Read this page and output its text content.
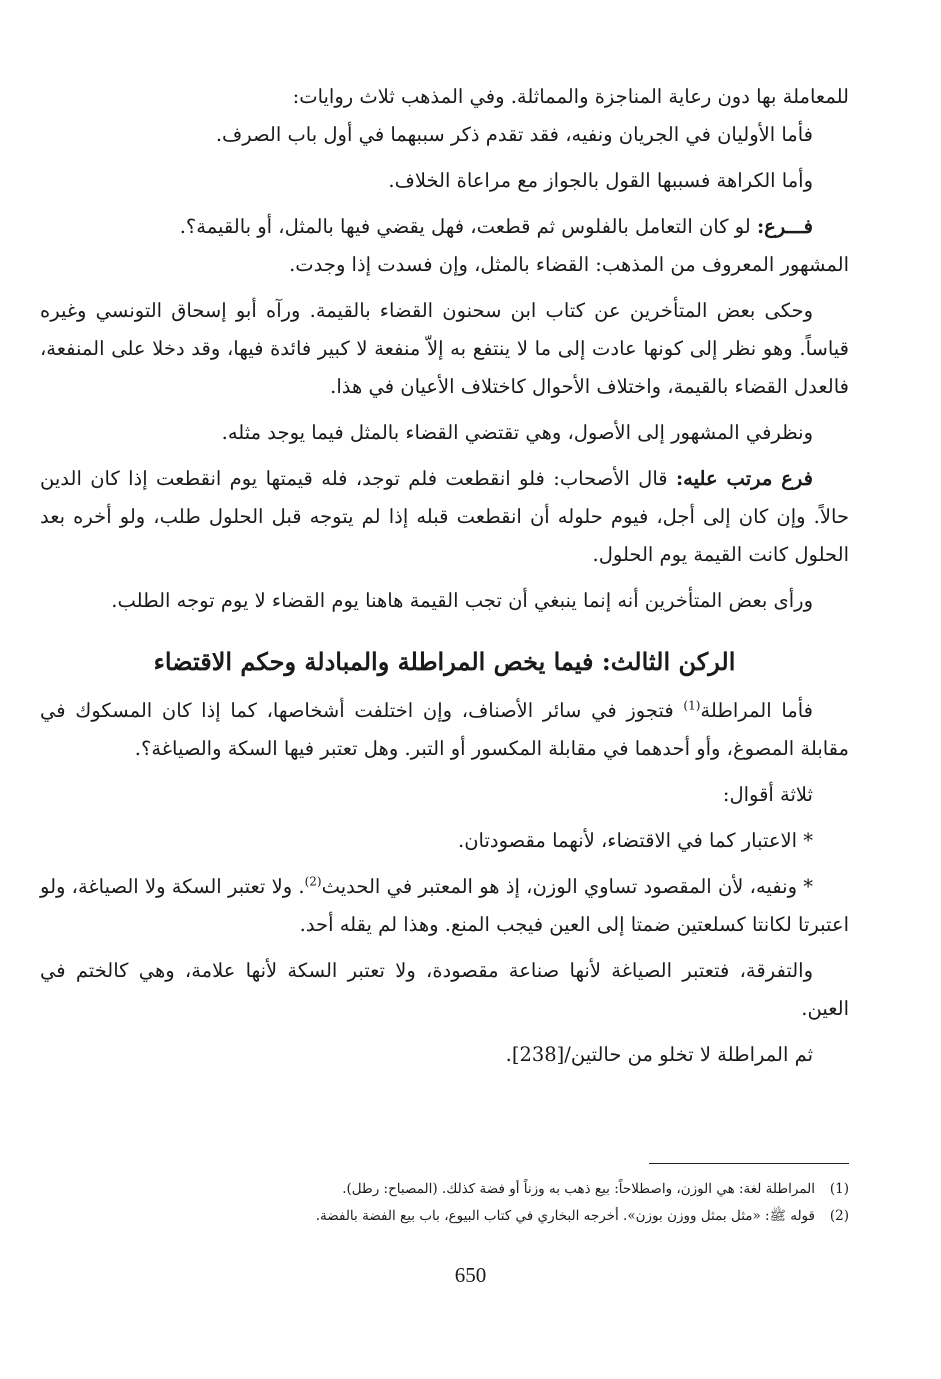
للمعاملة بها دون رعاية المناجزة والمماثلة. وفي المذهب ثلاث روايات:

فأما الأوليان في الجريان ونفيه، فقد تقدم ذكر سببهما في أول باب الصرف.

وأما الكراهة فسببها القول بالجواز مع مراعاة الخلاف.

فـــرع: لو كان التعامل بالفلوس ثم قطعت، فهل يقضي فيها بالمثل، أو بالقيمة؟.

المشهور المعروف من المذهب: القضاء بالمثل، وإن فسدت إذا وجدت.

وحكى بعض المتأخرين عن كتاب ابن سحنون القضاء بالقيمة. ورآه أبو إسحاق التونسي وغيره قياساً. وهو نظر إلى كونها عادت إلى ما لا ينتفع به إلاّ منفعة لا كبير فائدة فيها، وقد دخلا على المنفعة، فالعدل القضاء بالقيمة، واختلاف الأحوال كاختلاف الأعيان في هذا.

ونظرفي المشهور إلى الأصول، وهي تقتضي القضاء بالمثل فيما يوجد مثله.

فرع مرتب عليه: قال الأصحاب: فلو انقطعت فلم توجد، فله قيمتها يوم انقطعت إذا كان الدين حالاً. وإن كان إلى أجل، فيوم حلوله أن انقطعت قبله إذا لم يتوجه قبل الحلول طلب، ولو أخره بعد الحلول كانت القيمة يوم الحلول.

ورأى بعض المتأخرين أنه إنما ينبغي أن تجب القيمة هاهنا يوم القضاء لا يوم توجه الطلب.

الركن الثالث: فيما يخص المراطلة والمبادلة وحكم الاقتضاء

فأما المراطلة$^{(1)}$ فتجوز في سائر الأصناف، وإن اختلفت أشخاصها، كما إذا كان المسكوك في مقابلة المصوغ، وأو أحدهما في مقابلة المكسور أو التبر. وهل تعتبر فيها السكة والصياغة؟.

ثلاثة أقوال:

* الاعتبار كما في الاقتضاء، لأنهما مقصودتان.

* ونفيه، لأن المقصود تساوي الوزن، إذ هو المعتبر في الحديث$^{(2)}$. ولا تعتبر السكة ولا الصياغة، ولو اعتبرتا لكانتا كسلعتين ضمتا إلى العين فيجب المنع. وهذا لم يقله أحد.

والتفرقة، فتعتبر الصياغة لأنها صناعة مقصودة، ولا تعتبر السكة لأنها علامة، وهي كالختم في العين.

ثم المراطلة لا تخلو من حالتين/[238].

(1)
المراطلة لغة: هي الوزن، واصطلاحاً: بيع ذهب به وزناً أو فضة كذلك. (المصباح: رطل).
(2)
قوله ﷺ: «مثل بمثل ووزن بوزن». أخرجه البخاري في كتاب البيوع، باب بيع الفضة بالفضة.
650
